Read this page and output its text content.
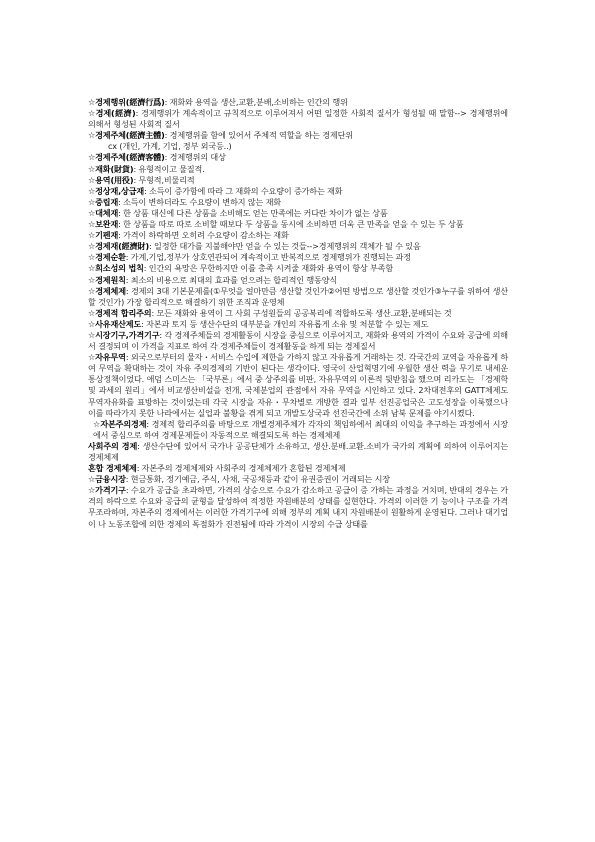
☆경제행위(經濟行爲): 재화와 용역을 생산,교환,분배,소비하는 인간의 행위
☆경제(經濟): 경제행위가 계속적이고 규칙적으로 이루어져서 어떤 일정한 사회적 질서가 형성될 때 말함--> 경제행위에 의해서 형성된 사회적 질서
☆경제주체(經濟主體): 경제행위를 함에 있어서 주체적 역할을 하는 경제단위
cx (개인, 가계, 기업, 정부 외국등..)
☆경제주체(經濟客體): 경제행위의 대상
☆재화(財貨): 유형적이고 물질적.
☆용역(用役): 무형적,비물리적
☆정상재,상급재: 소득이 증가함에 따라 그 재화의 수요량이 증가하는 재화
☆중립재: 소득이 변하더라도 수요량이 변하지 않는 재화
☆대체재: 한 상품 대신에 다른 상품을 소비해도 얻는 만족에는 커다란 차이가 없는 상품
☆보완재: 한 상품을 따로 따로 소비할 때보다 두 상품을 동시에 소비하면 더욱 큰 만족을 얻을 수 있는 두 상품
☆기펜재: 가격이 하락하면 오히려 수요량이 감소하는 재화
☆경제재(經濟財): 일정한 대가를 지불해야만 얻을 수 있는 것들-->경제행위의 객체가 될 수 있음
☆경제순환: 가계,기업,정부가 상호연관되어 계속적이고 반복적으로 경제행위가 진행되는 과정
☆희소성의 법칙: 인간의 욕망은 무한하지만 이를 총족 시켜줄 재화와 용역이 항상 부족함
☆경제원칙: 최소의 비용으로 최대의 효과를 얻으려는 합리적인 행동양식
☆경제체제: 경제의 3대 기본문제를(①무엇을 얼마만큼 생산할 것인가②어떤 방법으로 생산할 것인가③누구를 위하여 생산할 것인가) 가장 합리적으로 해결하기 위한 조직과 운영체
☆경제적 합리주의: 모든 재화와 용역이 그 사회 구성원들의 공공복리에 적합하도록 생산.교환,분배되는 것
☆사유재산제도: 자본과 토지 등 생산수단의 대부분을 개인의 자유롭게 소유 및 처분할 수 있는 제도
☆시장기구,가격기구: 각 경제주체들의 경제활동이 시장을 중심으로 이루어지고, 재화와 용역의 가격이 수요와 공급에 의해서 결정되며 이 가격을 지표로 하여 각 경제주체들이 경제활동을 하게 되는 경제질서
☆자유무역: 외국으로부터의 물자・서비스 수입에 제한을 가하지 않고 자유롭게 거래하는 것. 각국간의 교역을 자유롭게 하여 무역을 확대하는 것이 자유 주의경제의 기반이 된다는 생각이다. 영국이 산업혁명기에 우월한 생산 력을 무기로 내세운 통상정책이었다. 애덤 스미스는 「국부론」에서 중 상주의를 비판, 자유무역의 이론적 뒷받침을 했으며 리카도는 「경제학 및 과세의 원리」에서 비교생산비설을 전개, 국제분업의 관점에서 자유 무역을 시인하고 있다. 2차대전후의 GATT체제도 무역자유화를 표방하는 것이었는데 각국 시장을 자유・무차별로 개방한 결과 일부 선진공업국은 고도성장을 이룩했으나 이를 따라가지 못한 나라에서는 실업과 불황을 겪게 되고 개발도상국과 선진국간에 소위 남북 문제를 야기시켰다.
☆자본주의경제: 경제적 합리주의를 바탕으로 개별경제주체가 각자의 책임하에서 최대의 이익을 추구하는 과정에서 시장에서 중심으로 하여 경제문제들이 자동적으로 해결되도록 하는 경제체제
사회주의 경제: 생산수단에 있어서 국가나 공공단체가 소유하고, 생산.분배.교환.소비가 국가의 계획에 의하여 이루어지는 경제체제
혼합 경제체제: 자본주의 경제체제와 사회주의 경제체제가 혼합된 경제체제
☆금융시장: 현금통화, 정기예금, 주식, 사채, 국공채등과 같이 유권증권이 거래되는 시장
☆가격기구: 수요가 공급을 초과하면, 가격의 상승으로 수요가 감소하고 공급이 증 가하는 과정을 거치며, 반대의 경우는 가격의 하락으로 수요와 공급의 균형을 달성하여 적정한 자원배분의 상태를 실현한다. 가격의 이러한 기 능이나 구조를 가격무조라하며, 자본주의 경제에서는 이러한 가격기구에 의해 정부의 계획 내지 자원배분이 원활하게 운영된다. 그러나 대기업이 나 노동조합에 의한 경제의 독점화가 진전됨에 따라 가격이 시장의 수급 상태를
